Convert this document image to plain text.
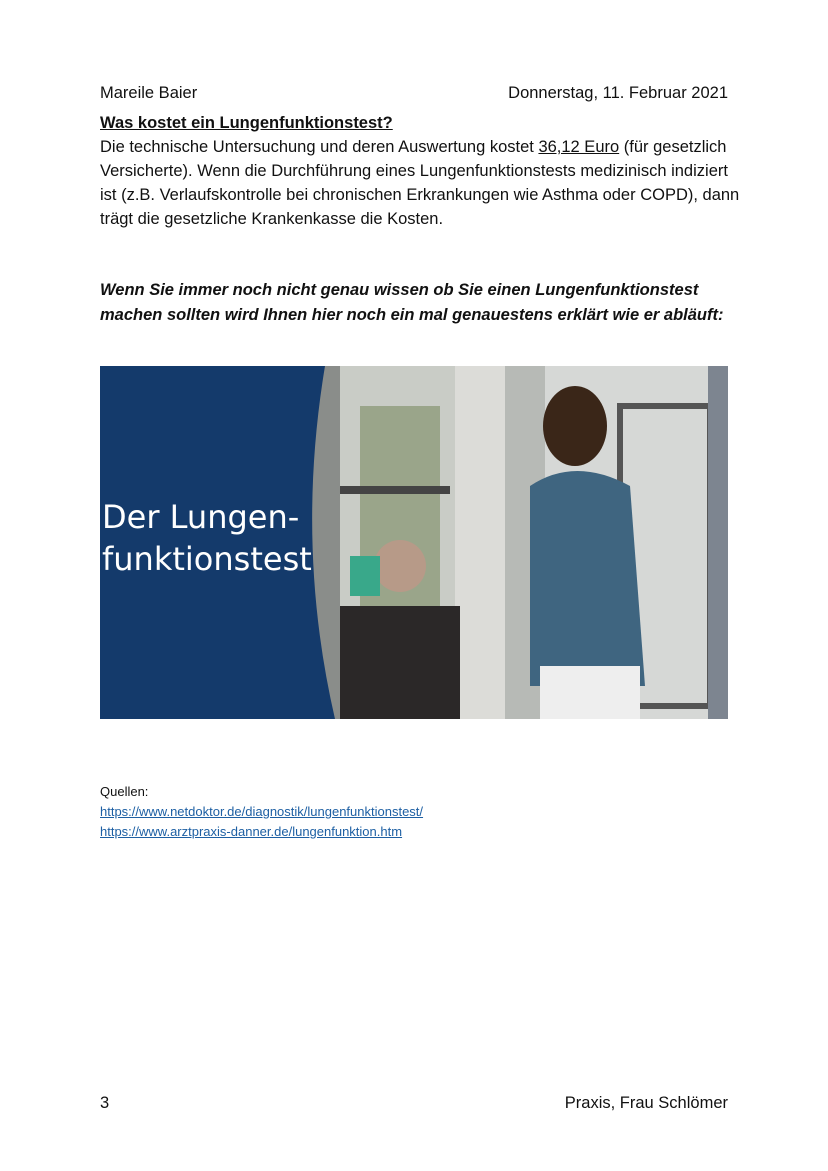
Mareile Baier	Donnerstag, 11. Februar 2021
Was kostet ein Lungenfunktionstest?
Die technische Untersuchung und deren Auswertung kostet 36,12 Euro (für gesetzlich Versicherte). Wenn die Durchführung eines Lungenfunktionstests medizinisch indiziert ist (z.B. Verlaufskontrolle bei chronischen Erkrankungen wie Asthma oder COPD), dann trägt die gesetzliche Krankenkasse die Kosten.
Wenn Sie immer noch nicht genau wissen ob Sie einen Lungenfunktionstest machen sollten wird Ihnen hier noch ein mal genauestens erklärt wie er abläuft:
Der Lungen-
funktionstest
Quellen:
https://www.netdoktor.de/diagnostik/lungenfunktionstest/
https://www.arztpraxis-danner.de/lungenfunktion.htm
3	Praxis, Frau Schlömer
